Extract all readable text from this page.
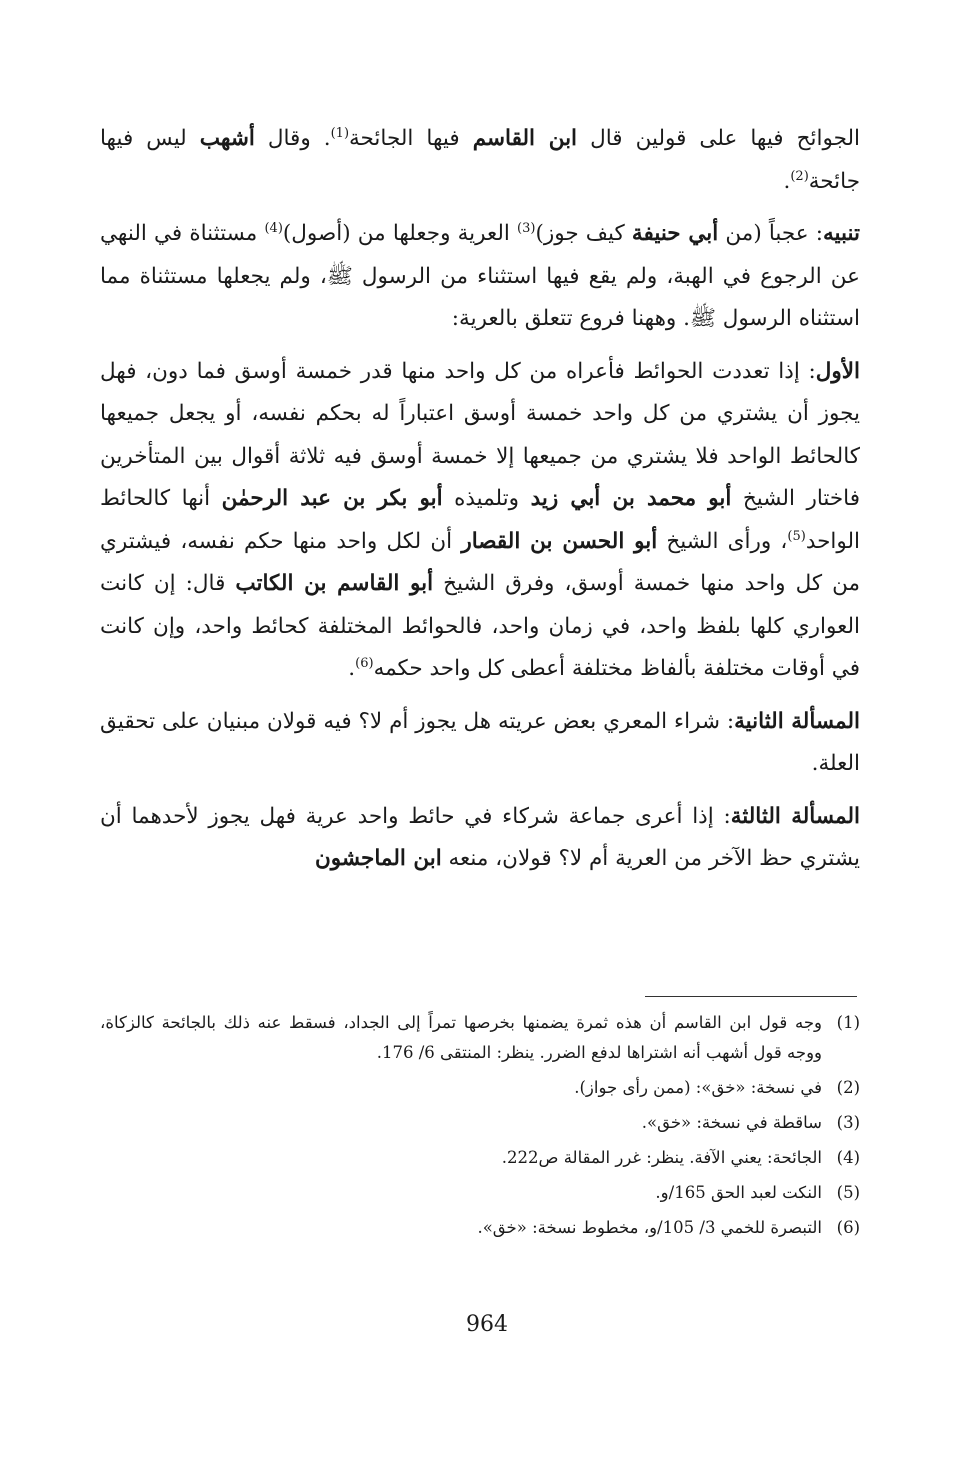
الجوائح فيها على قولين قال ابن القاسم فيها الجائحة$^{(1)}$. وقال أشهب ليس فيها جائحة$^{(2)}$.

تنبيه: عجباً (من أبي حنيفة كيف جوز)$^{(3)}$ العرية وجعلها من (أصول)$^{(4)}$ مستثناة في النهي عن الرجوع في الهبة، ولم يقع فيها استثناء من الرسول ﷺ، ولم يجعلها مستثناة مما استثناه الرسول ﷺ. وههنا فروع تتعلق بالعرية:

الأول: إذا تعددت الحوائط فأعراه من كل واحد منها قدر خمسة أوسق فما دون، فهل يجوز أن يشتري من كل واحد خمسة أوسق اعتباراً له بحكم نفسه، أو يجعل جميعها كالحائط الواحد فلا يشتري من جميعها إلا خمسة أوسق فيه ثلاثة أقوال بين المتأخرين فاختار الشيخ أبو محمد بن أبي زيد وتلميذه أبو بكر بن عبد الرحمٰن أنها كالحائط الواحد$^{(5)}$، ورأى الشيخ أبو الحسن بن القصار أن لكل واحد منها حكم نفسه، فيشتري من كل واحد منها خمسة أوسق، وفرق الشيخ أبو القاسم بن الكاتب قال: إن كانت العواري كلها بلفظ واحد، في زمان واحد، فالحوائط المختلفة كحائط واحد، وإن كانت في أوقات مختلفة بألفاظ مختلفة أعطى كل واحد حكمه$^{(6)}$.

المسألة الثانية: شراء المعري بعض عريته هل يجوز أم لا؟ فيه قولان مبنيان على تحقيق العلة.

المسألة الثالثة: إذا أعرى جماعة شركاء في حائط واحد عرية فهل يجوز لأحدهما أن يشتري حظ الآخر من العرية أم لا؟ قولان، منعه ابن الماجشون

(1)
وجه قول ابن القاسم أن هذه ثمرة يضمنها بخرصها تمراً إلى الجداد، فسقط عنه ذلك بالجائحة كالزكاة، ووجه قول أشهب أنه اشتراها لدفع الضرر. ينظر: المنتقى 6/ 176.
(2)
في نسخة: «خق»: (ممن رأى جواز).
(3)
ساقطة في نسخة: «خق».
(4)
الجائحة: يعني الآفة. ينظر: غرر المقالة ص222.
(5)
النكت لعبد الحق 165/و.
(6)
التبصرة للخمي 3/ 105/و، مخطوط نسخة: «خق».
964
